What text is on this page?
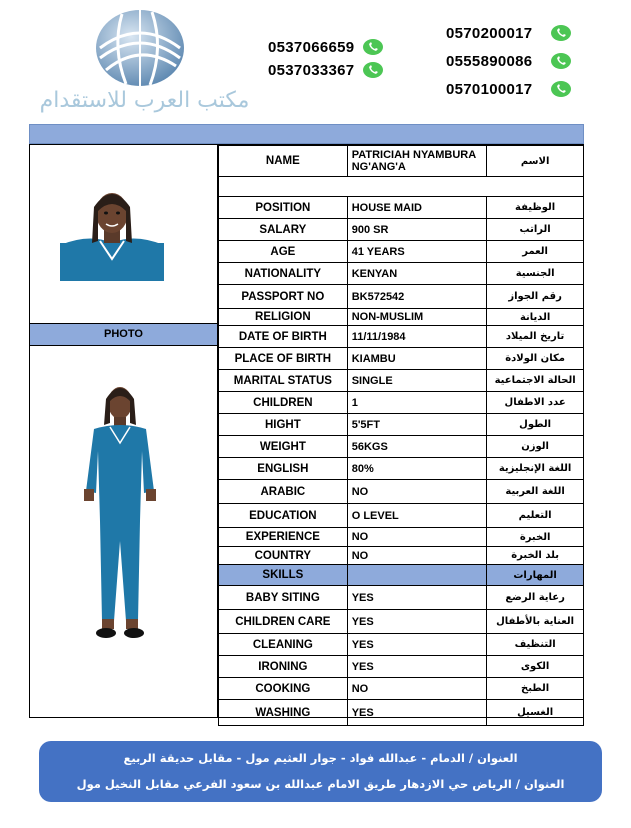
مكتب العرب للاستقدام
0537066659
0537033367
0570200017
0555890086
0570100017
PHOTO
NAME	PATRICIAH NYAMBURA NG'ANG'A	الاسم

POSITION	HOUSE MAID	الوظيفة
SALARY	900 SR	الراتب
AGE	41 YEARS	العمر
NATIONALITY	KENYAN	الجنسية
PASSPORT NO	BK572542	رقم الجواز
RELIGION	NON-MUSLIM	الديانة
DATE OF BIRTH	11/11/1984	تاريخ الميلاد
PLACE OF BIRTH	KIAMBU	مكان الولادة
MARITAL STATUS	SINGLE	الحالة الاجتماعية
CHILDREN	1	عدد الاطفال
HIGHT	5'5FT	الطول
WEIGHT	56KGS	الوزن
ENGLISH	80%	اللغة الإنجليزية
ARABIC	NO	اللغة العربية
EDUCATION	O LEVEL	التعليم
EXPERIENCE	NO	الخبرة
COUNTRY	NO	بلد الخبرة
SKILLS		المهارات
BABY SITING	YES	رعاية الرضع
CHILDREN CARE	YES	العناية بالأطفال
CLEANING	YES	التنظيف
IRONING	YES	الكوى
COOKING	NO	الطبخ
WASHING	YES	الغسيل
العنوان / الدمام - عبدالله فواد - جوار العثيم مول - مقابل حديقة الربيع
العنوان / الرياض حي الازدهار طريق الامام عبدالله بن سعود الفرعي مقابل النخيل مول
